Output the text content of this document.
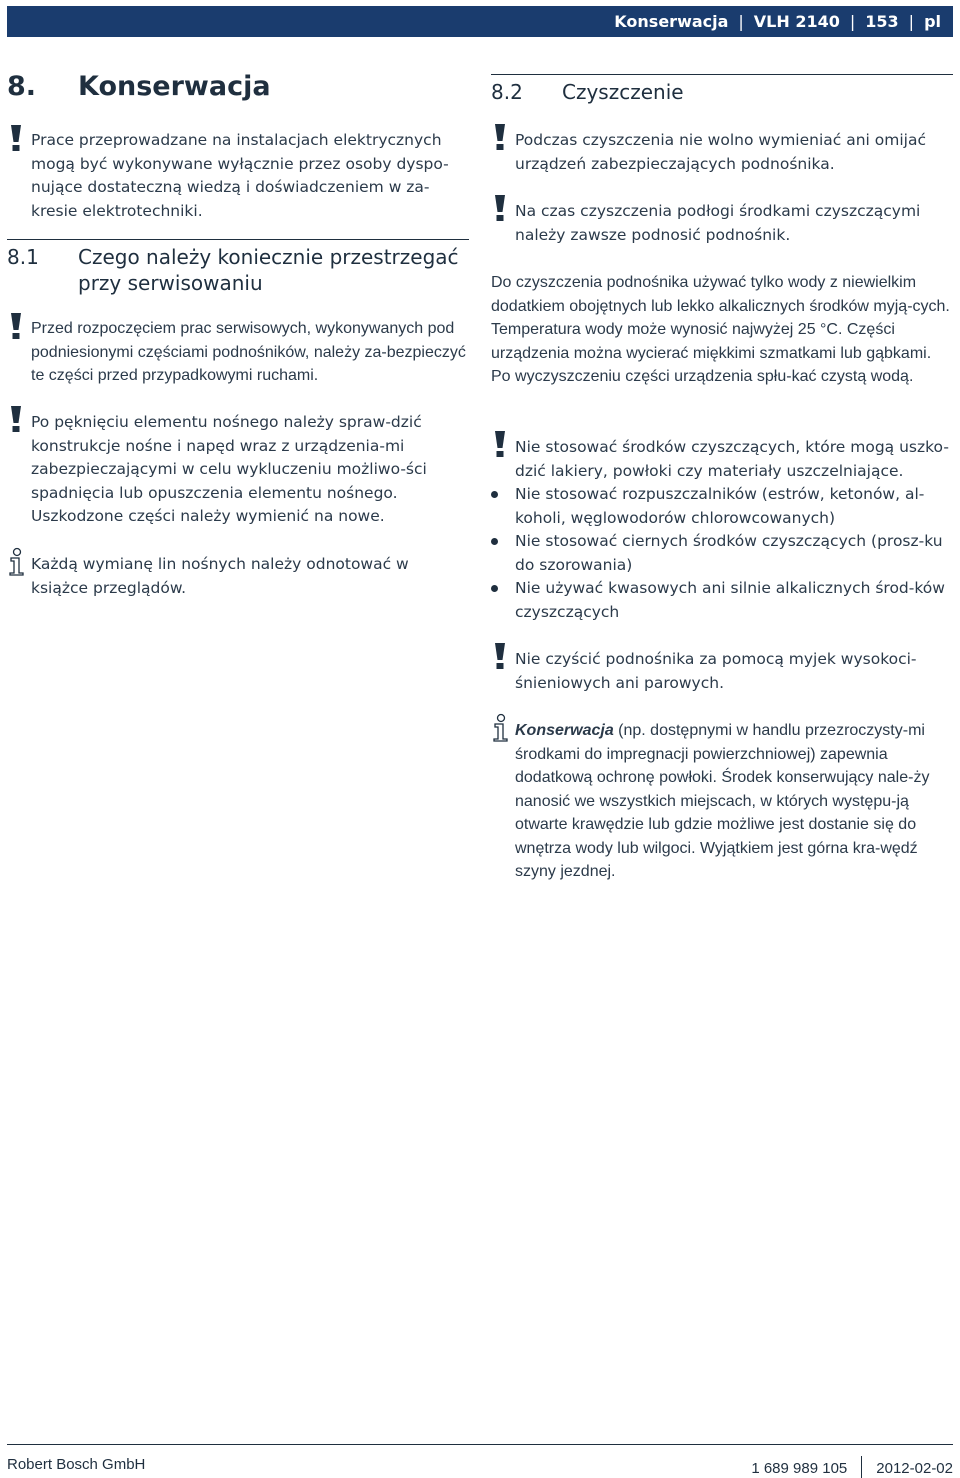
Konserwacja | VLH 2140 | 153 | pl
8. Konserwacja
Prace przeprowadzane na instalacjach elektrycznych mogą być wykonywane wyłącznie przez osoby dyspo-nujące dostateczną wiedzą i doświadczeniem w za-kresie elektrotechniki.
8.1 Czego należy koniecznie przestrzegać przy serwisowaniu
Przed rozpoczęciem prac serwisowych, wykonywanych pod podniesionymi częściami podnośników, należy za-bezpieczyć te części przed przypadkowymi ruchami.
Po pęknięciu elementu nośnego należy spraw-dzić konstrukcje nośne i napęd wraz z urządzenia-mi zabezpieczającymi w celu wykluczeniu możliwo-ści spadnięcia lub opuszczenia elementu nośnego. Uszkodzone części należy wymienić na nowe.
Każdą wymianę lin nośnych należy odnotować w książce przeglądów.
8.2 Czyszczenie
Podczas czyszczenia nie wolno wymieniać ani omijać urządzeń zabezpieczających podnośnika.
Na czas czyszczenia podłogi środkami czyszczącymi należy zawsze podnosić podnośnik.
Do czyszczenia podnośnika używać tylko wody z niewielkim dodatkiem obojętnych lub lekko alkalicznych środków myją-cych. Temperatura wody może wynosić najwyżej 25 °C. Części urządzenia można wycierać miękkimi szmatkami lub gąbkami. Po wyczyszczeniu części urządzenia spłu-kać czystą wodą.
Nie stosować środków czyszczących, które mogą uszko-dzić lakiery, powłoki czy materiały uszczelniające.
Nie stosować rozpuszczalników (estrów, ketonów, al-koholi, węglowodorów chlorowcowanych)
Nie stosować ciernych środków czyszczących (prosz-ku do szorowania)
Nie używać kwasowych ani silnie alkalicznych środ-ków czyszczących
Nie czyścić podnośnika za pomocą myjek wysokoci-śnieniowych ani parowych.
Konserwacja (np. dostępnymi w handlu przezroczysty-mi środkami do impregnacji powierzchniowej) zapewnia dodatkową ochronę powłoki. Środek konserwujący nale-ży nanosić we wszystkich miejscach, w których występu-ją otwarte krawędzie lub gdzie możliwe jest dostanie się do wnętrza wody lub wilgoci. Wyjątkiem jest górna kra-wędź szyny jezdnej.
Robert Bosch GmbH	1 689 989 105 2012-02-02
